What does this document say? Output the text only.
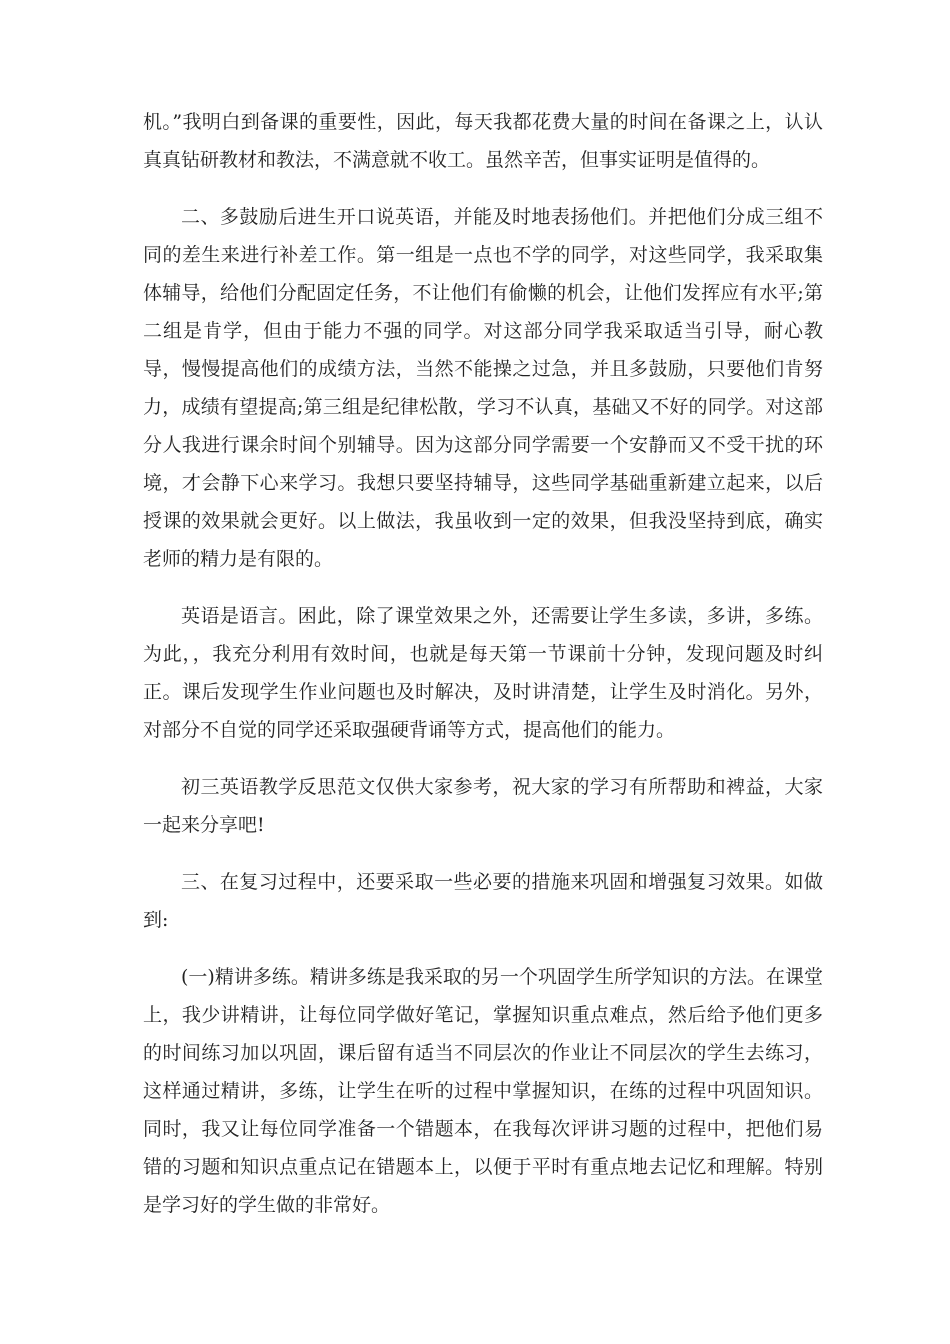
机。”我明白到备课的重要性，因此，每天我都花费大量的时间在备课之上，认认真真钻研教材和教法，不满意就不收工。虽然辛苦，但事实证明是值得的。

二、多鼓励后进生开口说英语，并能及时地表扬他们。并把他们分成三组不同的差生来进行补差工作。第一组是一点也不学的同学，对这些同学，我采取集体辅导，给他们分配固定任务，不让他们有偷懒的机会，让他们发挥应有水平;第二组是肯学，但由于能力不强的同学。对这部分同学我采取适当引导，耐心教导，慢慢提高他们的成绩方法，当然不能操之过急，并且多鼓励，只要他们肯努力，成绩有望提高;第三组是纪律松散，学习不认真，基础又不好的同学。对这部分人我进行课余时间个别辅导。因为这部分同学需要一个安静而又不受干扰的环境，才会静下心来学习。我想只要坚持辅导，这些同学基础重新建立起来，以后授课的效果就会更好。以上做法，我虽收到一定的效果，但我没坚持到底，确实老师的精力是有限的。

英语是语言。困此，除了课堂效果之外，还需要让学生多读，多讲，多练。为此，，我充分利用有效时间，也就是每天第一节课前十分钟，发现问题及时纠正。课后发现学生作业问题也及时解决，及时讲清楚，让学生及时消化。另外，对部分不自觉的同学还采取强硬背诵等方式，提高他们的能力。

初三英语教学反思范文仅供大家参考，祝大家的学习有所帮助和裨益，大家一起来分享吧!

三、在复习过程中，还要采取一些必要的措施来巩固和增强复习效果。如做到:

(一)精讲多练。精讲多练是我采取的另一个巩固学生所学知识的方法。在课堂上，我少讲精讲，让每位同学做好笔记，掌握知识重点难点，然后给予他们更多的时间练习加以巩固，课后留有适当不同层次的作业让不同层次的学生去练习，这样通过精讲，多练，让学生在听的过程中掌握知识，在练的过程中巩固知识。同时，我又让每位同学准备一个错题本，在我每次评讲习题的过程中，把他们易错的习题和知识点重点记在错题本上，以便于平时有重点地去记忆和理解。特别是学习好的学生做的非常好。
